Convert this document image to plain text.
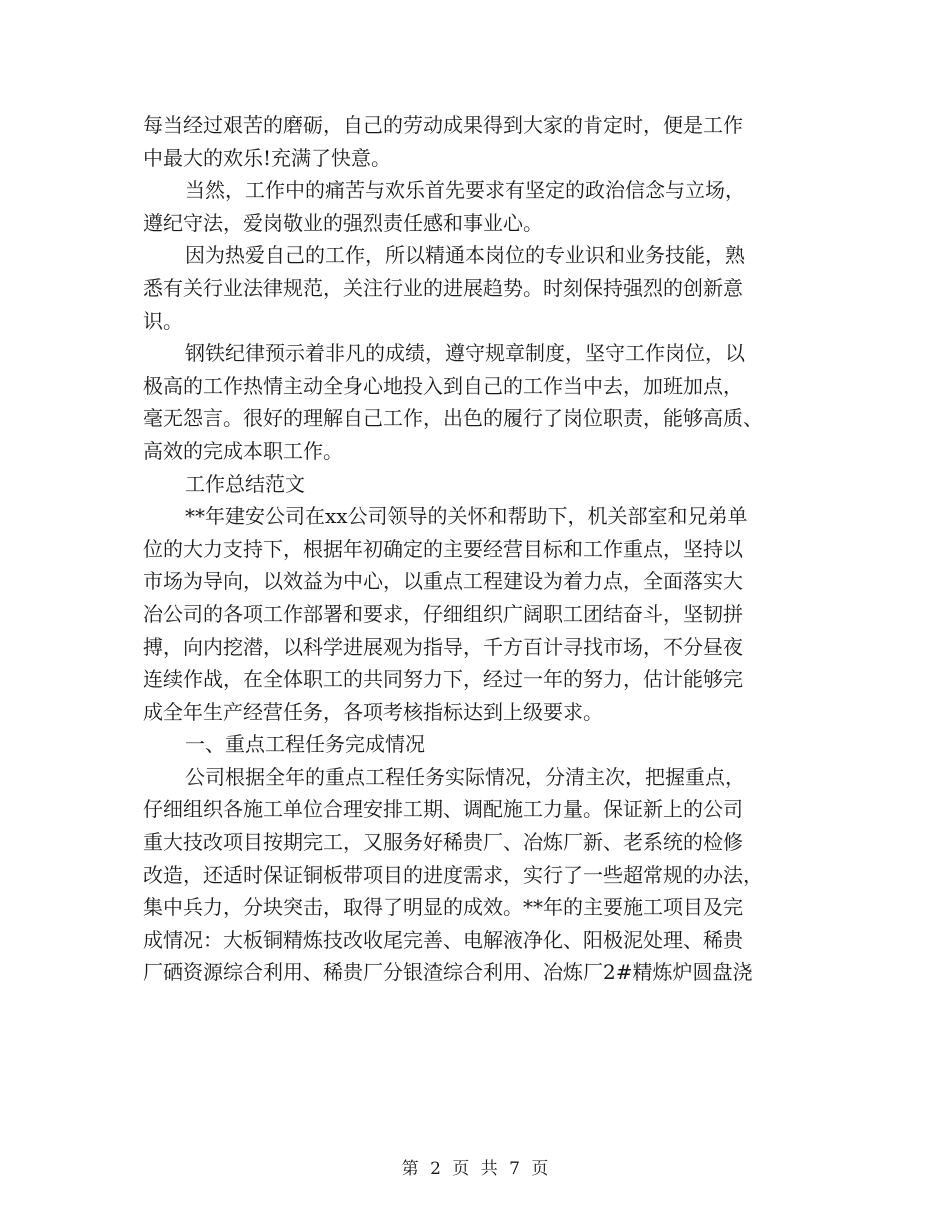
每当经过艰苦的磨砺，自己的劳动成果得到大家的肯定时，便是工作
中最大的欢乐!充满了快意。
当然，工作中的痛苦与欢乐首先要求有坚定的政治信念与立场，
遵纪守法，爱岗敬业的强烈责任感和事业心。
因为热爱自己的工作，所以精通本岗位的专业识和业务技能，熟
悉有关行业法律规范，关注行业的进展趋势。时刻保持强烈的创新意
识。
钢铁纪律预示着非凡的成绩，遵守规章制度，坚守工作岗位，以
极高的工作热情主动全身心地投入到自己的工作当中去，加班加点，
毫无怨言。很好的理解自己工作，出色的履行了岗位职责，能够高质、
高效的完成本职工作。
工作总结范文
**年建安公司在xx公司领导的关怀和帮助下，机关部室和兄弟单
位的大力支持下，根据年初确定的主要经营目标和工作重点，坚持以
市场为导向，以效益为中心，以重点工程建设为着力点，全面落实大
冶公司的各项工作部署和要求，仔细组织广阔职工团结奋斗，坚韧拼
搏，向内挖潜，以科学进展观为指导，千方百计寻找市场，不分昼夜
连续作战，在全体职工的共同努力下，经过一年的努力，估计能够完
成全年生产经营任务，各项考核指标达到上级要求。
一、重点工程任务完成情况
公司根据全年的重点工程任务实际情况，分清主次，把握重点，
仔细组织各施工单位合理安排工期、调配施工力量。保证新上的公司
重大技改项目按期完工，又服务好稀贵厂、冶炼厂新、老系统的检修
改造，还适时保证铜板带项目的进度需求，实行了一些超常规的办法，
集中兵力，分块突击，取得了明显的成效。**年的主要施工项目及完
成情况：大板铜精炼技改收尾完善、电解液净化、阳极泥处理、稀贵
厂硒资源综合利用、稀贵厂分银渣综合利用、冶炼厂2#精炼炉圆盘浇
第 2 页 共 7 页
